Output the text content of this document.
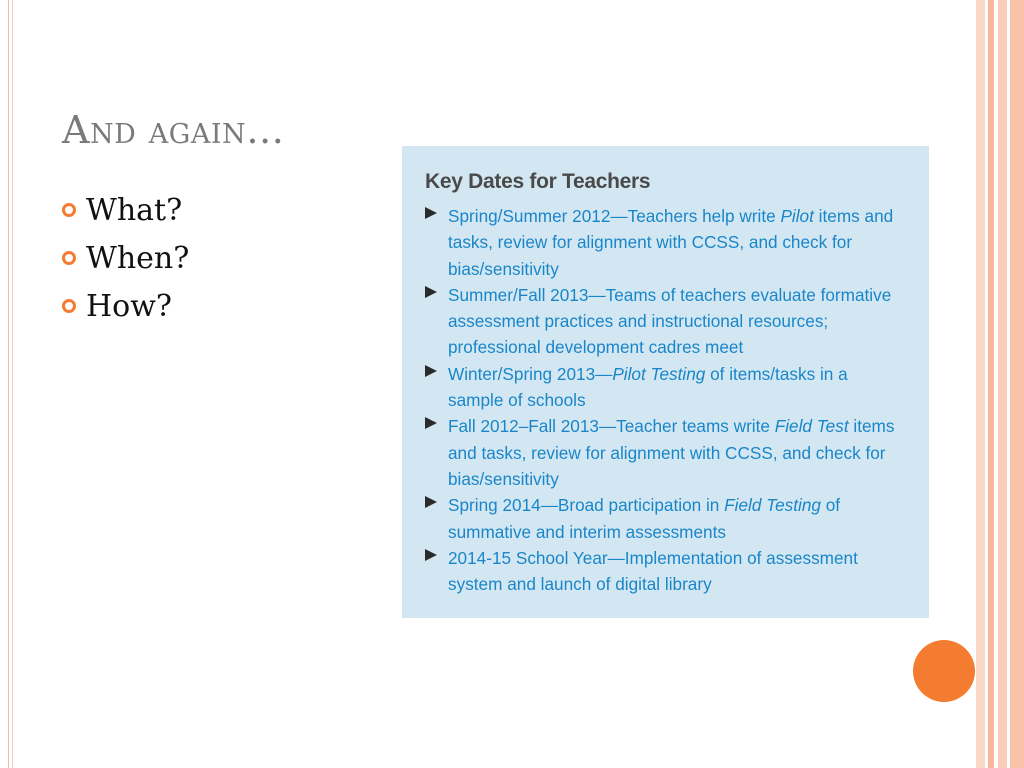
And again…
What?
When?
How?
Key Dates for Teachers
Spring/Summer 2012—Teachers help write Pilot items and tasks, review for alignment with CCSS, and check for bias/sensitivity
Summer/Fall 2013—Teams of teachers evaluate formative assessment practices and instructional resources; professional development cadres meet
Winter/Spring 2013—Pilot Testing of items/tasks in a sample of schools
Fall 2012–Fall 2013—Teacher teams write Field Test items and tasks, review for alignment with CCSS, and check for bias/sensitivity
Spring 2014—Broad participation in Field Testing of summative and interim assessments
2014-15 School Year—Implementation of assessment system and launch of digital library
